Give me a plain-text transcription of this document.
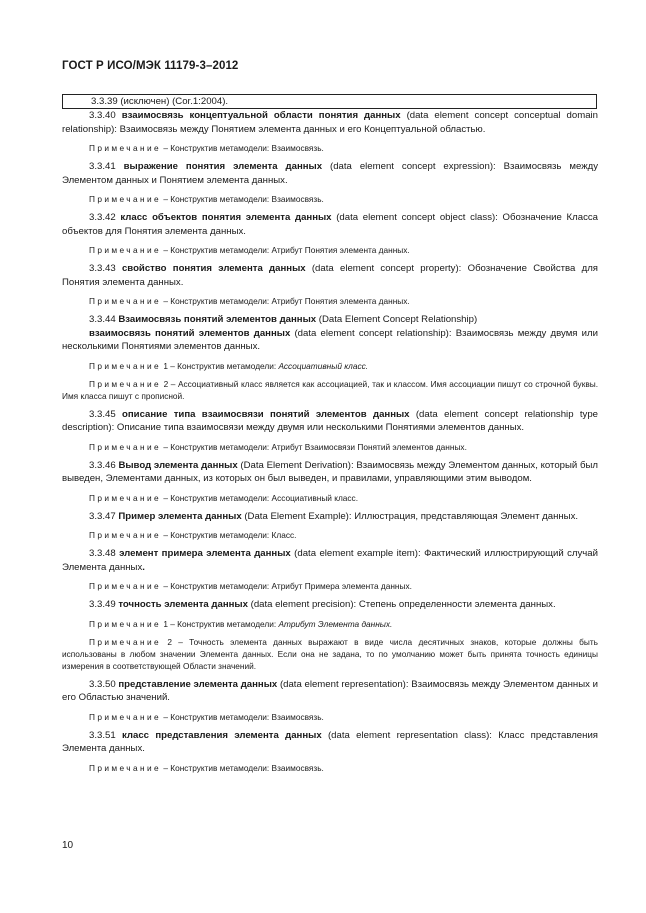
ГОСТ Р ИСО/МЭК 11179-3–2012
3.3.39 (исключен) (Cor.1:2004).

3.3.40 взаимосвязь концептуальной области понятия данных (data element concept conceptual domain relationship): Взаимосвязь между Понятием элемента данных и его Концептуальной областью.

Примечание – Конструктив метамодели: Взаимосвязь.

3.3.41 выражение понятия элемента данных (data element concept expression): Взаимосвязь между Элементом данных и Понятием элемента данных.

Примечание – Конструктив метамодели: Взаимосвязь.

3.3.42 класс объектов понятия элемента данных (data element concept object class): Обозначение Класса объектов для Понятия элемента данных.

Примечание – Конструктив метамодели: Атрибут Понятия элемента данных.

3.3.43 свойство понятия элемента данных (data element concept property): Обозначение Свойства для Понятия элемента данных.

Примечание – Конструктив метамодели: Атрибут Понятия элемента данных.

3.3.44 Взаимосвязь понятий элементов данных (Data Element Concept Relationship)

взаимосвязь понятий элементов данных (data element concept relationship): Взаимосвязь между двумя или несколькими Понятиями элементов данных.

Примечание 1 – Конструктив метамодели: Ассоциативный класс.

Примечание 2 – Ассоциативный класс является как ассоциацией, так и классом. Имя ассоциации пишут со строчной буквы. Имя класса пишут с прописной.

3.3.45 описание типа взаимосвязи понятий элементов данных (data element concept relationship type description): Описание типа взаимосвязи между двумя или несколькими Понятиями элементов данных.

Примечание – Конструктив метамодели: Атрибут Взаимосвязи Понятий элементов данных.

3.3.46 Вывод элемента данных (Data Element Derivation): Взаимосвязь между Элементом данных, который был выведен, Элементами данных, из которых он был выведен, и правилами, управляющими этим выводом.

Примечание – Конструктив метамодели: Ассоциативный класс.

3.3.47 Пример элемента данных (Data Element Example): Иллюстрация, представляющая Элемент данных.

Примечание – Конструктив метамодели: Класс.

3.3.48 элемент примера элемента данных (data element example item): Фактический иллюстрирующий случай Элемента данных.

Примечание – Конструктив метамодели: Атрибут Примера элемента данных.

3.3.49 точность элемента данных (data element precision): Степень определенности элемента данных.

Примечание 1 – Конструктив метамодели: Атрибут Элемента данных.

Примечание 2 – Точность элемента данных выражают в виде числа десятичных знаков, которые должны быть использованы в любом значении Элемента данных. Если она не задана, то по умолчанию может быть принята точность единицы измерения в соответствующей Области значений.

3.3.50 представление элемента данных (data element representation): Взаимосвязь между Элементом данных и его Областью значений.

Примечание – Конструктив метамодели: Взаимосвязь.

3.3.51 класс представления элемента данных (data element representation class): Класс представления Элемента данных.

Примечание – Конструктив метамодели: Взаимосвязь.

10
